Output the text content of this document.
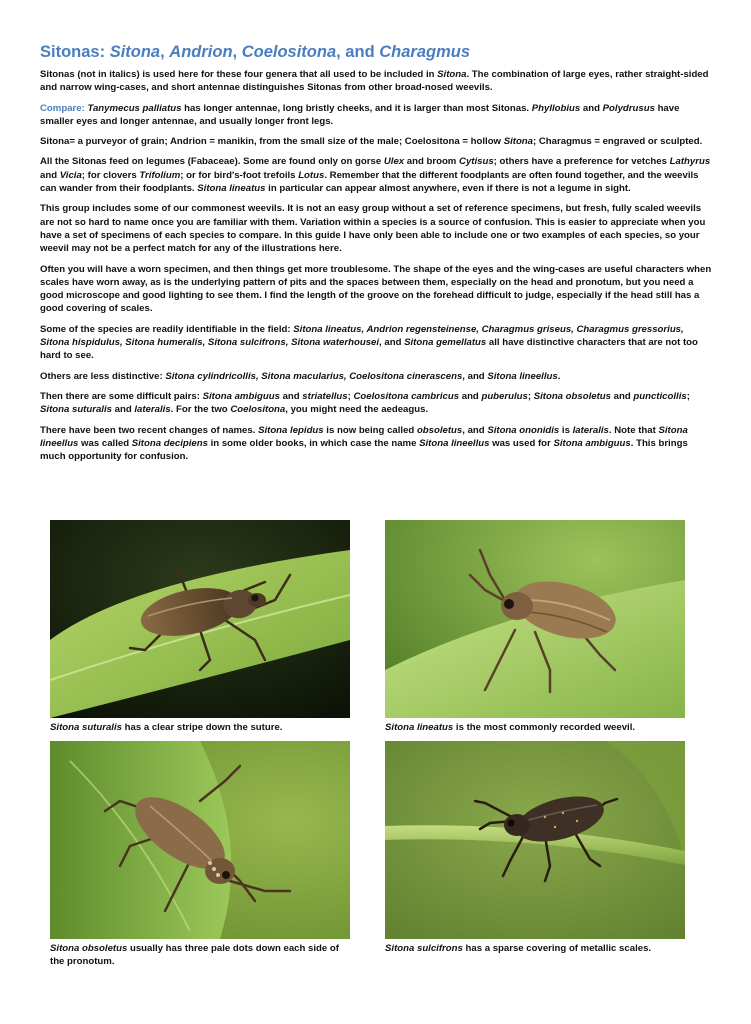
Sitonas: Sitona, Andrion, Coelositona, and Charagmus

Sitonas (not in italics) is used here for these four genera that all used to be included in Sitona. The combination of large eyes, rather straight-sided and narrow wing-cases, and short antennae distinguishes Sitonas from other broad-nosed weevils.

Compare: Tanymecus palliatus has longer antennae, long bristly cheeks, and it is larger than most Sitonas. Phyllobius and Polydrusus have smaller eyes and longer antennae, and usually longer front legs.

Sitona= a purveyor of grain; Andrion = manikin, from the small size of the male; Coelositona = hollow Sitona; Charagmus = engraved or sculpted.

All the Sitonas feed on legumes (Fabaceae). Some are found only on gorse Ulex and broom Cytisus; others have a preference for vetches Lathyrus and Vicia; for clovers Trifolium; or for bird's-foot trefoils Lotus. Remember that the different foodplants are often found together, and the weevils can wander from their foodplants. Sitona lineatus in particular can appear almost anywhere, even if there is not a legume in sight.

This group includes some of our commonest weevils. It is not an easy group without a set of reference specimens, but fresh, fully scaled weevils are not so hard to name once you are familiar with them. Variation within a species is a source of confusion. This is easier to appreciate when you have a set of specimens of each species to compare. In this guide I have only been able to include one or two examples of each species, so your weevil may not be a perfect match for any of the illustrations here.

Often you will have a worn specimen, and then things get more troublesome. The shape of the eyes and the wing-cases are useful characters when scales have worn away, as is the underlying pattern of pits and the spaces between them, especially on the head and pronotum, but you need a good microscope and good lighting to see them. I find the length of the groove on the forehead difficult to judge, especially if the head still has a good covering of scales.

Some of the species are readily identifiable in the field: Sitona lineatus, Andrion regensteinense, Charagmus griseus, Charagmus gressorius, Sitona hispidulus, Sitona humeralis, Sitona sulcifrons, Sitona waterhousei, and Sitona gemellatus all have distinctive characters that are not too hard to see.

Others are less distinctive: Sitona cylindricollis, Sitona macularius, Coelositona cinerascens, and Sitona lineellus.

Then there are some difficult pairs: Sitona ambiguus and striatellus; Coelositona cambricus and puberulus; Sitona obsoletus and puncticollis; Sitona suturalis and lateralis. For the two Coelositona, you might need the aedeagus.

There have been two recent changes of names. Sitona lepidus is now being called obsoletus, and Sitona ononidis is lateralis. Note that Sitona lineellus was called Sitona decipiens in some older books, in which case the name Sitona lineellus was used for Sitona ambiguus. This brings much opportunity for confusion.

Sitona suturalis has a clear stripe down the suture.	Sitona lineatus is the most commonly recorded weevil.
Sitona obsoletus usually has three pale dots down each side of the pronotum.
Sitona sulcifrons has a sparse covering of metallic scales.
